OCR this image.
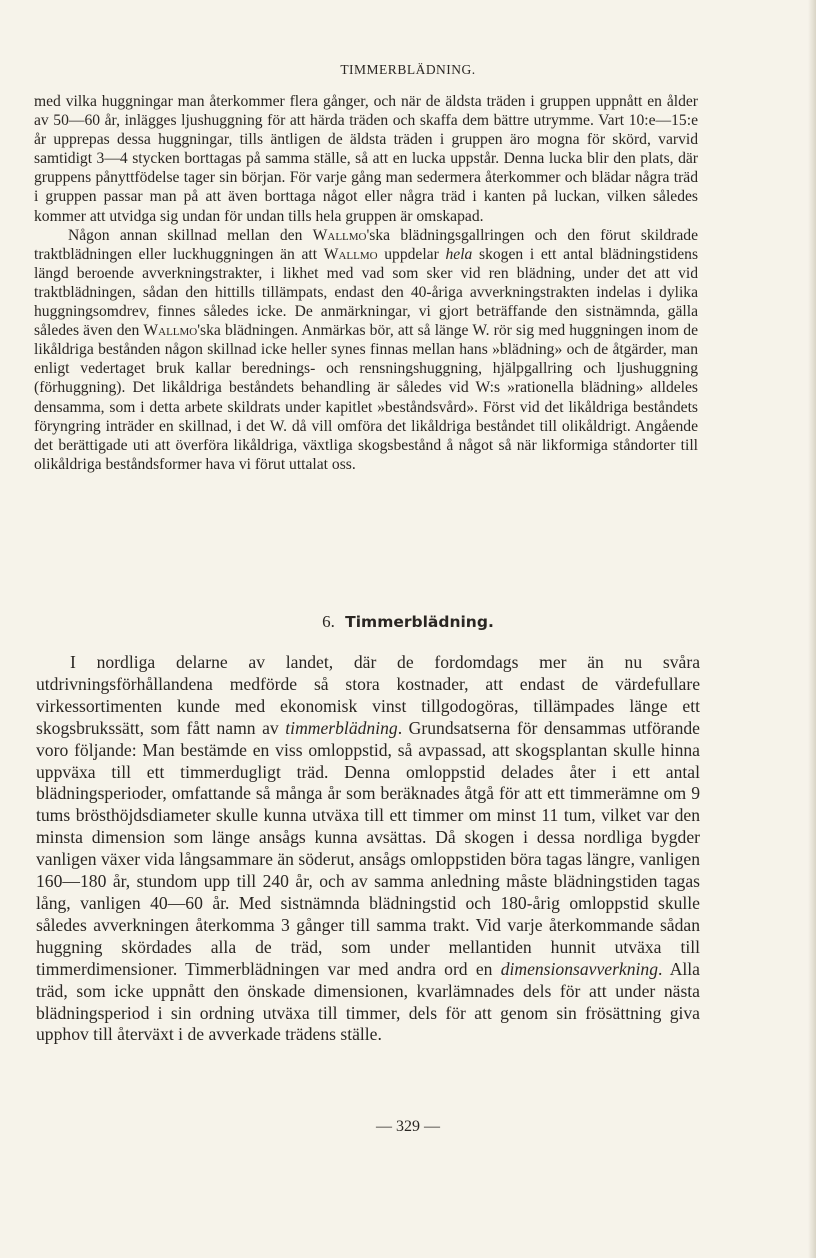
TIMMERBLÄDNING.

med vilka huggningar man återkommer flera gånger, och när de äldsta träden i gruppen uppnått en ålder av 50—60 år, inlägges ljushuggning för att härda träden och skaffa dem bättre utrymme. Vart 10:e—15:e år upprepas dessa huggningar, tills äntligen de äldsta träden i gruppen äro mogna för skörd, varvid samtidigt 3—4 stycken borttagas på samma ställe, så att en lucka uppstår. Denna lucka blir den plats, där gruppens pånyttfödelse tager sin början. För varje gång man sedermera återkommer och blädar några träd i gruppen passar man på att även borttaga något eller några träd i kanten på luckan, vilken således kommer att utvidga sig undan för undan tills hela gruppen är omskapad.

Någon annan skillnad mellan den Wallmo'ska blädningsgallringen och den förut skildrade traktblädningen eller luckhuggningen än att Wallmo uppdelar hela skogen i ett antal blädningstidens längd beroende avverkningstrakter, i likhet med vad som sker vid ren blädning, under det att vid traktblädningen, sådan den hittills tillämpats, endast den 40-åriga avverkningstrakten indelas i dylika huggningsomdrev, finnes således icke. De anmärkningar, vi gjort beträffande den sistnämnda, gälla således även den Wallmo'ska blädningen. Anmärkas bör, att så länge W. rör sig med huggningen inom de likåldriga bestånden någon skillnad icke heller synes finnas mellan hans »blädning» och de åtgärder, man enligt vedertaget bruk kallar berednings- och rensningshuggning, hjälpgallring och ljushuggning (förhuggning). Det likåldriga beståndets behandling är således vid W:s »rationella blädning» alldeles densamma, som i detta arbete skildrats under kapitlet »beståndsvård». Först vid det likåldriga beståndets föryngring inträder en skillnad, i det W. då vill omföra det likåldriga beståndet till olikåldrigt. Angående det berättigade uti att överföra likåldriga, växtliga skogsbestånd å något så när likformiga ståndorter till olikåldriga beståndsformer hava vi förut uttalat oss.

6. Timmerblädning.

I nordliga delarne av landet, där de fordomdags mer än nu svåra utdrivningsförhållandena medförde så stora kostnader, att endast de värdefullare virkessortimenten kunde med ekonomisk vinst tillgodogöras, tillämpades länge ett skogsbrukssätt, som fått namn av timmerblädning. Grundsatserna för densammas utförande voro följande: Man bestämde en viss omloppstid, så avpassad, att skogsplantan skulle hinna uppväxa till ett timmerdugligt träd. Denna omloppstid delades åter i ett antal blädningsperioder, omfattande så många år som beräknades åtgå för att ett timmerämne om 9 tums brösthöjdsdiameter skulle kunna utväxa till ett timmer om minst 11 tum, vilket var den minsta dimension som länge ansågs kunna avsättas. Då skogen i dessa nordliga bygder vanligen växer vida långsammare än söderut, ansågs omloppstiden böra tagas längre, vanligen 160—180 år, stundom upp till 240 år, och av samma anledning måste blädningstiden tagas lång, vanligen 40—60 år. Med sistnämnda blädningstid och 180-årig omloppstid skulle således avverkningen återkomma 3 gånger till samma trakt. Vid varje återkommande sådan huggning skördades alla de träd, som under mellantiden hunnit utväxa till timmerdimensioner. Timmerblädningen var med andra ord en dimensionsavverkning. Alla träd, som icke uppnått den önskade dimensionen, kvarlämnades dels för att under nästa blädningsperiod i sin ordning utväxa till timmer, dels för att genom sin frösättning giva upphov till återväxt i de avverkade trädens ställe.

— 329 —
